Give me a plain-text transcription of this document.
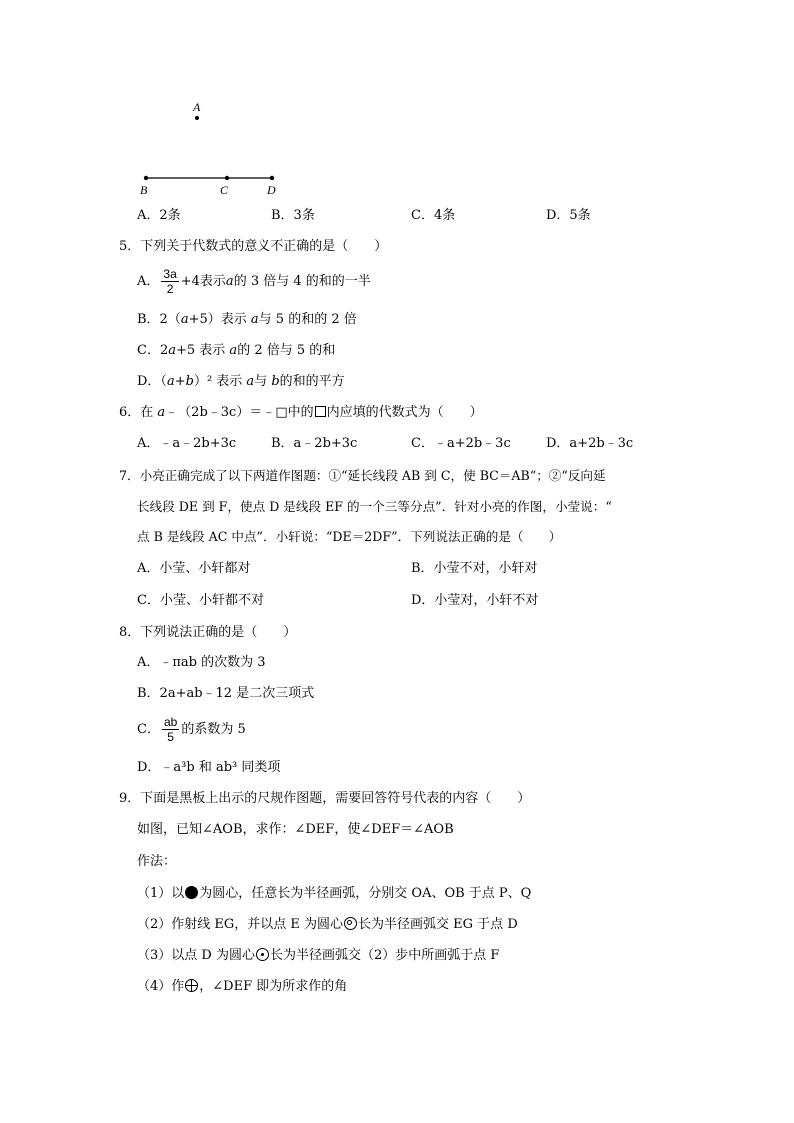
A
B	C	D
A．2条	B．3条	C．4条	D．5条
5．下列关于代数式的意义不正确的是（　　）
A． $\frac{3a}{2} +4$表示a的 3 倍与 4 的和的一半
B．2（a+5）表示 a与 5 的和的 2 倍
C．2a+5 表示 a的 2 倍与 5 的和
D．（a+b）² 表示 a与 b的和的平方
6．在 a﹣（2b﹣3c）＝﹣□中的 内应填的代数式为（　　）
A．﹣a﹣2b+3c	B．a﹣2b+3c	C．﹣a+2b﹣3c	D．a+2b﹣3c
7．小亮正确完成了以下两道作图题：①“延长线段 AB 到 C，使 BC＝AB“；②“反向延
长线段 DE 到 F，使点 D 是线段 EF 的一个三等分点”．针对小亮的作图，小莹说：“
点 B 是线段 AC 中点”．小轩说：“DE＝2DF”．下列说法正确的是（　　）
A．小莹、小轩都对	B．小莹不对，小轩对
C．小莹、小轩都不对	D．小莹对，小轩不对
8．下列说法正确的是（　　）
A．﹣πab 的次数为 3
B．2a+ab﹣12 是二次三项式
C． $\frac{ab}{5}$ 的系数为 5
D．﹣a³b 和 ab³ 同类项
9．下面是黑板上出示的尺规作图题，需要回答符号代表的内容（　　）
如图，已知∠AOB，求作：∠DEF，使∠DEF＝∠AOB
作法：
（1）以 为圆心，任意长为半径画弧，分别交 OA、OB 于点 P、Q
（2）作射线 EG，并以点 E 为圆心 长为半径画弧交 EG 于点 D
（3）以点 D 为圆心 长为半径画弧交（2）步中所画弧于点 F
（4）作 ，∠DEF 即为所求作的角
